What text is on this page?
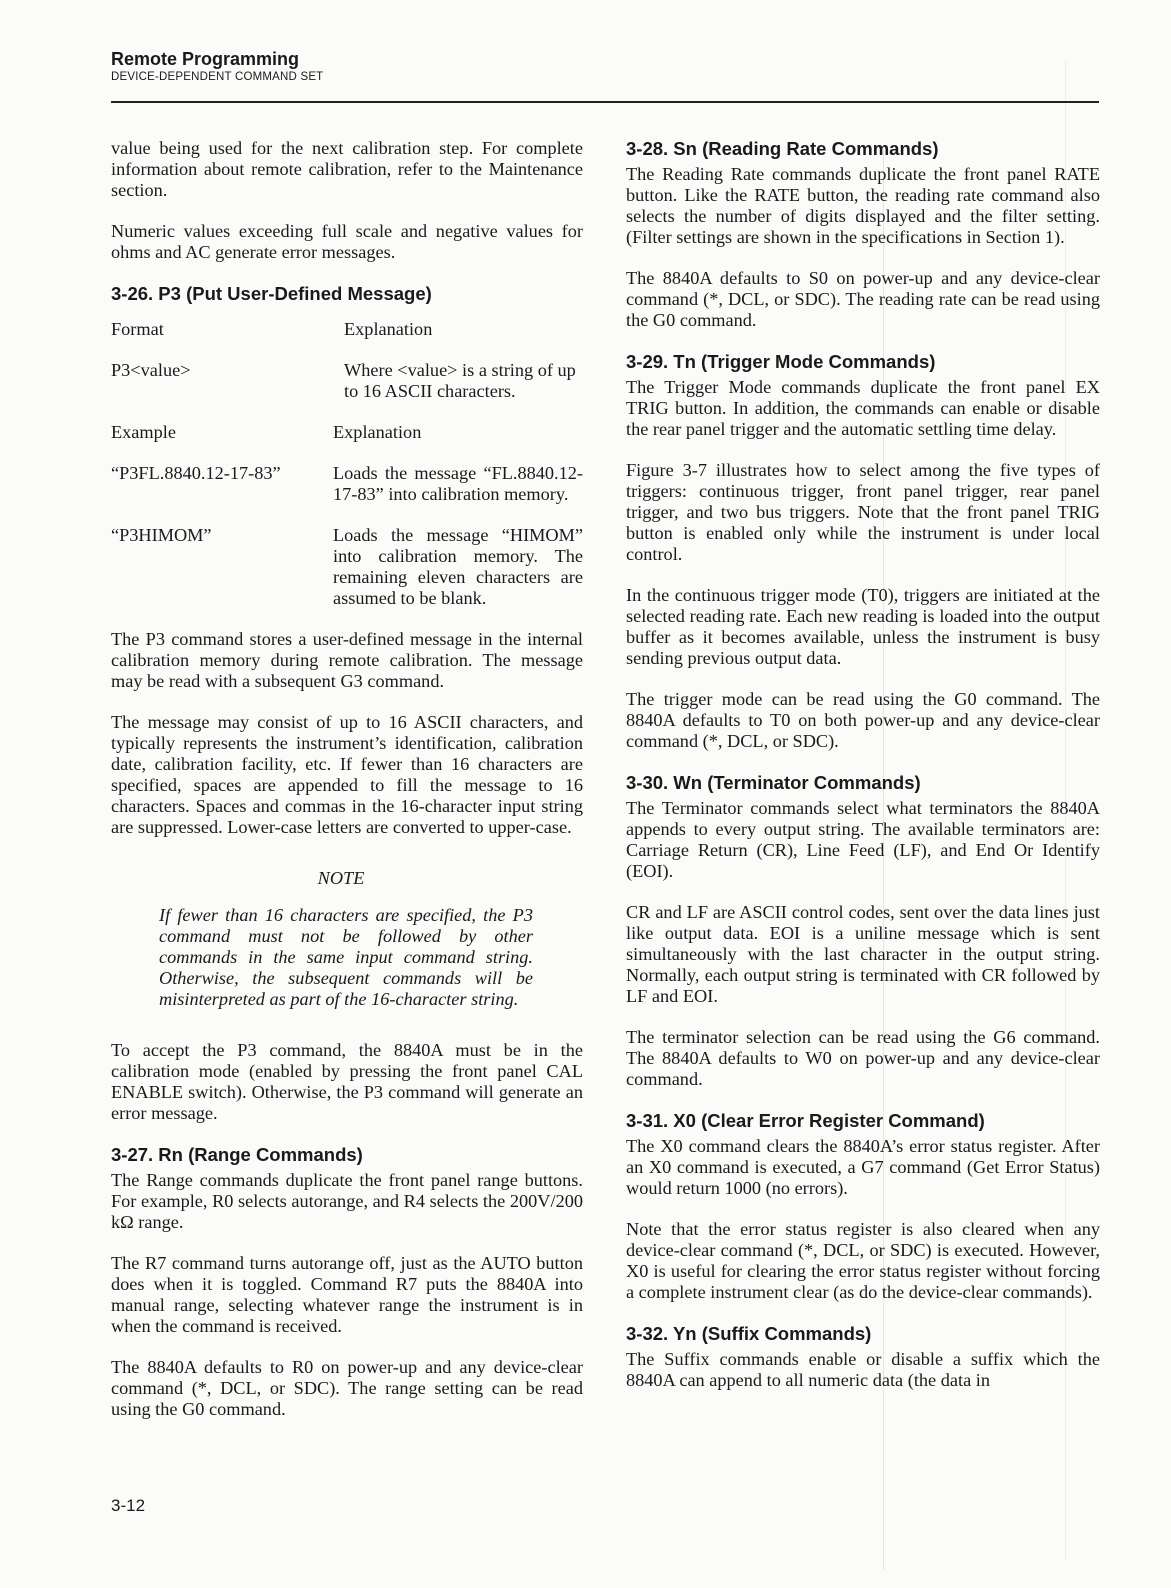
Remote Programming
DEVICE-DEPENDENT COMMAND SET

value being used for the next calibration step. For complete information about remote calibration, refer to the Maintenance section.

Numeric values exceeding full scale and negative values for ohms and AC generate error messages.

3-26. P3 (Put User-Defined Message)
Format	Explanation
P3<value>	Where <value> is a string of up to 16 ASCII characters.
Example	Explanation
“P3FL.8840.12-17-83”	Loads the message “FL.8840.12-17-83” into calibration memory.
“P3HIMOM”	Loads the message “HIMOM” into calibration memory. The remaining eleven characters are assumed to be blank.

The P3 command stores a user-defined message in the internal calibration memory during remote calibration. The message may be read with a subsequent G3 command.

The message may consist of up to 16 ASCII characters, and typically represents the instrument’s identification, calibration date, calibration facility, etc. If fewer than 16 characters are specified, spaces are appended to fill the message to 16 characters. Spaces and commas in the 16-character input string are suppressed. Lower-case letters are converted to upper-case.

NOTE

If fewer than 16 characters are specified, the P3 command must not be followed by other commands in the same input command string. Otherwise, the subsequent commands will be misinterpreted as part of the 16-character string.

To accept the P3 command, the 8840A must be in the calibration mode (enabled by pressing the front panel CAL ENABLE switch). Otherwise, the P3 command will generate an error message.

3-27. Rn (Range Commands)

The Range commands duplicate the front panel range buttons. For example, R0 selects autorange, and R4 selects the 200V/200 kΩ range.

The R7 command turns autorange off, just as the AUTO button does when it is toggled. Command R7 puts the 8840A into manual range, selecting whatever range the instrument is in when the command is received.

The 8840A defaults to R0 on power-up and any device-clear command (*, DCL, or SDC). The range setting can be read using the G0 command.

3-28. Sn (Reading Rate Commands)

The Reading Rate commands duplicate the front panel RATE button. Like the RATE button, the reading rate command also selects the number of digits displayed and the filter setting. (Filter settings are shown in the specifications in Section 1).

The 8840A defaults to S0 on power-up and any device-clear command (*, DCL, or SDC). The reading rate can be read using the G0 command.

3-29. Tn (Trigger Mode Commands)

The Trigger Mode commands duplicate the front panel EX TRIG button. In addition, the commands can enable or disable the rear panel trigger and the automatic settling time delay.

Figure 3-7 illustrates how to select among the five types of triggers: continuous trigger, front panel trigger, rear panel trigger, and two bus triggers. Note that the front panel TRIG button is enabled only while the instrument is under local control.

In the continuous trigger mode (T0), triggers are initiated at the selected reading rate. Each new reading is loaded into the output buffer as it becomes available, unless the instrument is busy sending previous output data.

The trigger mode can be read using the G0 command. The 8840A defaults to T0 on both power-up and any device-clear command (*, DCL, or SDC).

3-30. Wn (Terminator Commands)

The Terminator commands select what terminators the 8840A appends to every output string. The available terminators are: Carriage Return (CR), Line Feed (LF), and End Or Identify (EOI).

CR and LF are ASCII control codes, sent over the data lines just like output data. EOI is a uniline message which is sent simultaneously with the last character in the output string. Normally, each output string is terminated with CR followed by LF and EOI.

The terminator selection can be read using the G6 command. The 8840A defaults to W0 on power-up and any device-clear command.

3-31. X0 (Clear Error Register Command)

The X0 command clears the 8840A’s error status register. After an X0 command is executed, a G7 command (Get Error Status) would return 1000 (no errors).

Note that the error status register is also cleared when any device-clear command (*, DCL, or SDC) is executed. However, X0 is useful for clearing the error status register without forcing a complete instrument clear (as do the device-clear commands).

3-32. Yn (Suffix Commands)

The Suffix commands enable or disable a suffix which the 8840A can append to all numeric data (the data in

3-12
